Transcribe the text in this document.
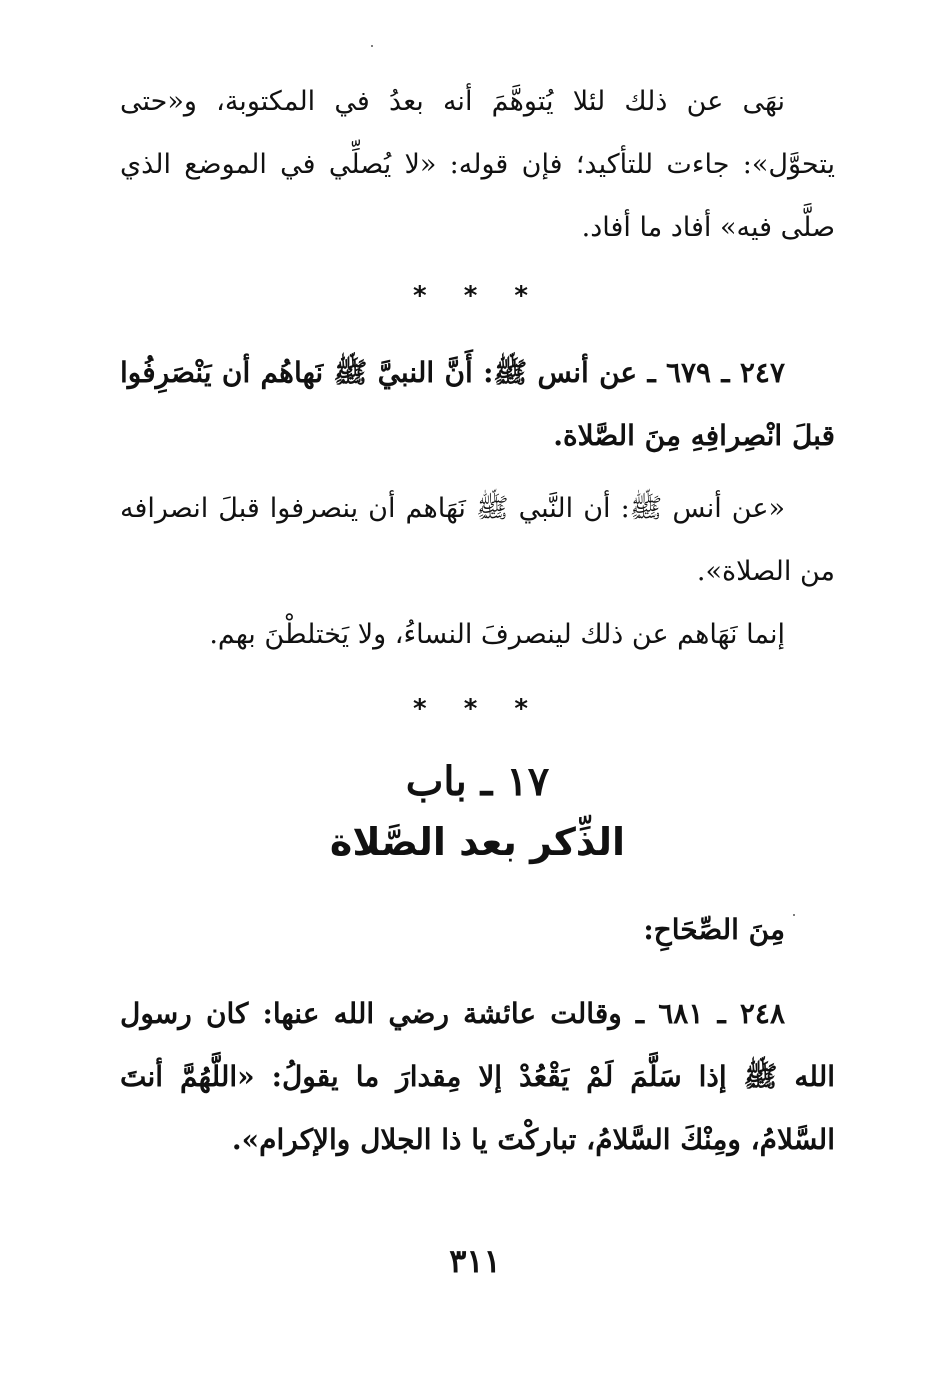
نهَى عن ذلك لئلا يُتوهَّمَ أنه بعدُ في المكتوبة، و«حتى يتحوَّل»: جاءت للتأكيد؛ فإن قوله: «لا يُصلِّي في الموضع الذي صلَّى فيه» أفاد ما أفاد.

* * *

٢٤٧ ـ ٦٧٩ ـ عن أنس ﷺ: أَنَّ النبيَّ ﷺ نَهاهُم أن يَنْصَرِفُوا قبلَ انْصِرافِهِ مِنَ الصَّلاة.

«عن أنس ﷺ: أن النَّبي ﷺ نَهَاهم أن ينصرفوا قبلَ انصرافه من الصلاة».

إنما نَهَاهم عن ذلك لينصرفَ النساءُ، ولا يَختلطْنَ بهم.

* * *

١٧ ـ باب

الذِّكر بعد الصَّلاة

مِنَ الصِّحَاحِ:

٢٤٨ ـ ٦٨١ ـ وقالت عائشة رضي الله عنها: كان رسول الله ﷺ إذا سَلَّمَ لَمْ يَقْعُدْ إلا مِقدارَ ما يقولُ: «اللَّهُمَّ أنتَ السَّلامُ، ومِنْكَ السَّلامُ، تباركْتَ يا ذا الجلال والإكرام».

٣١١
